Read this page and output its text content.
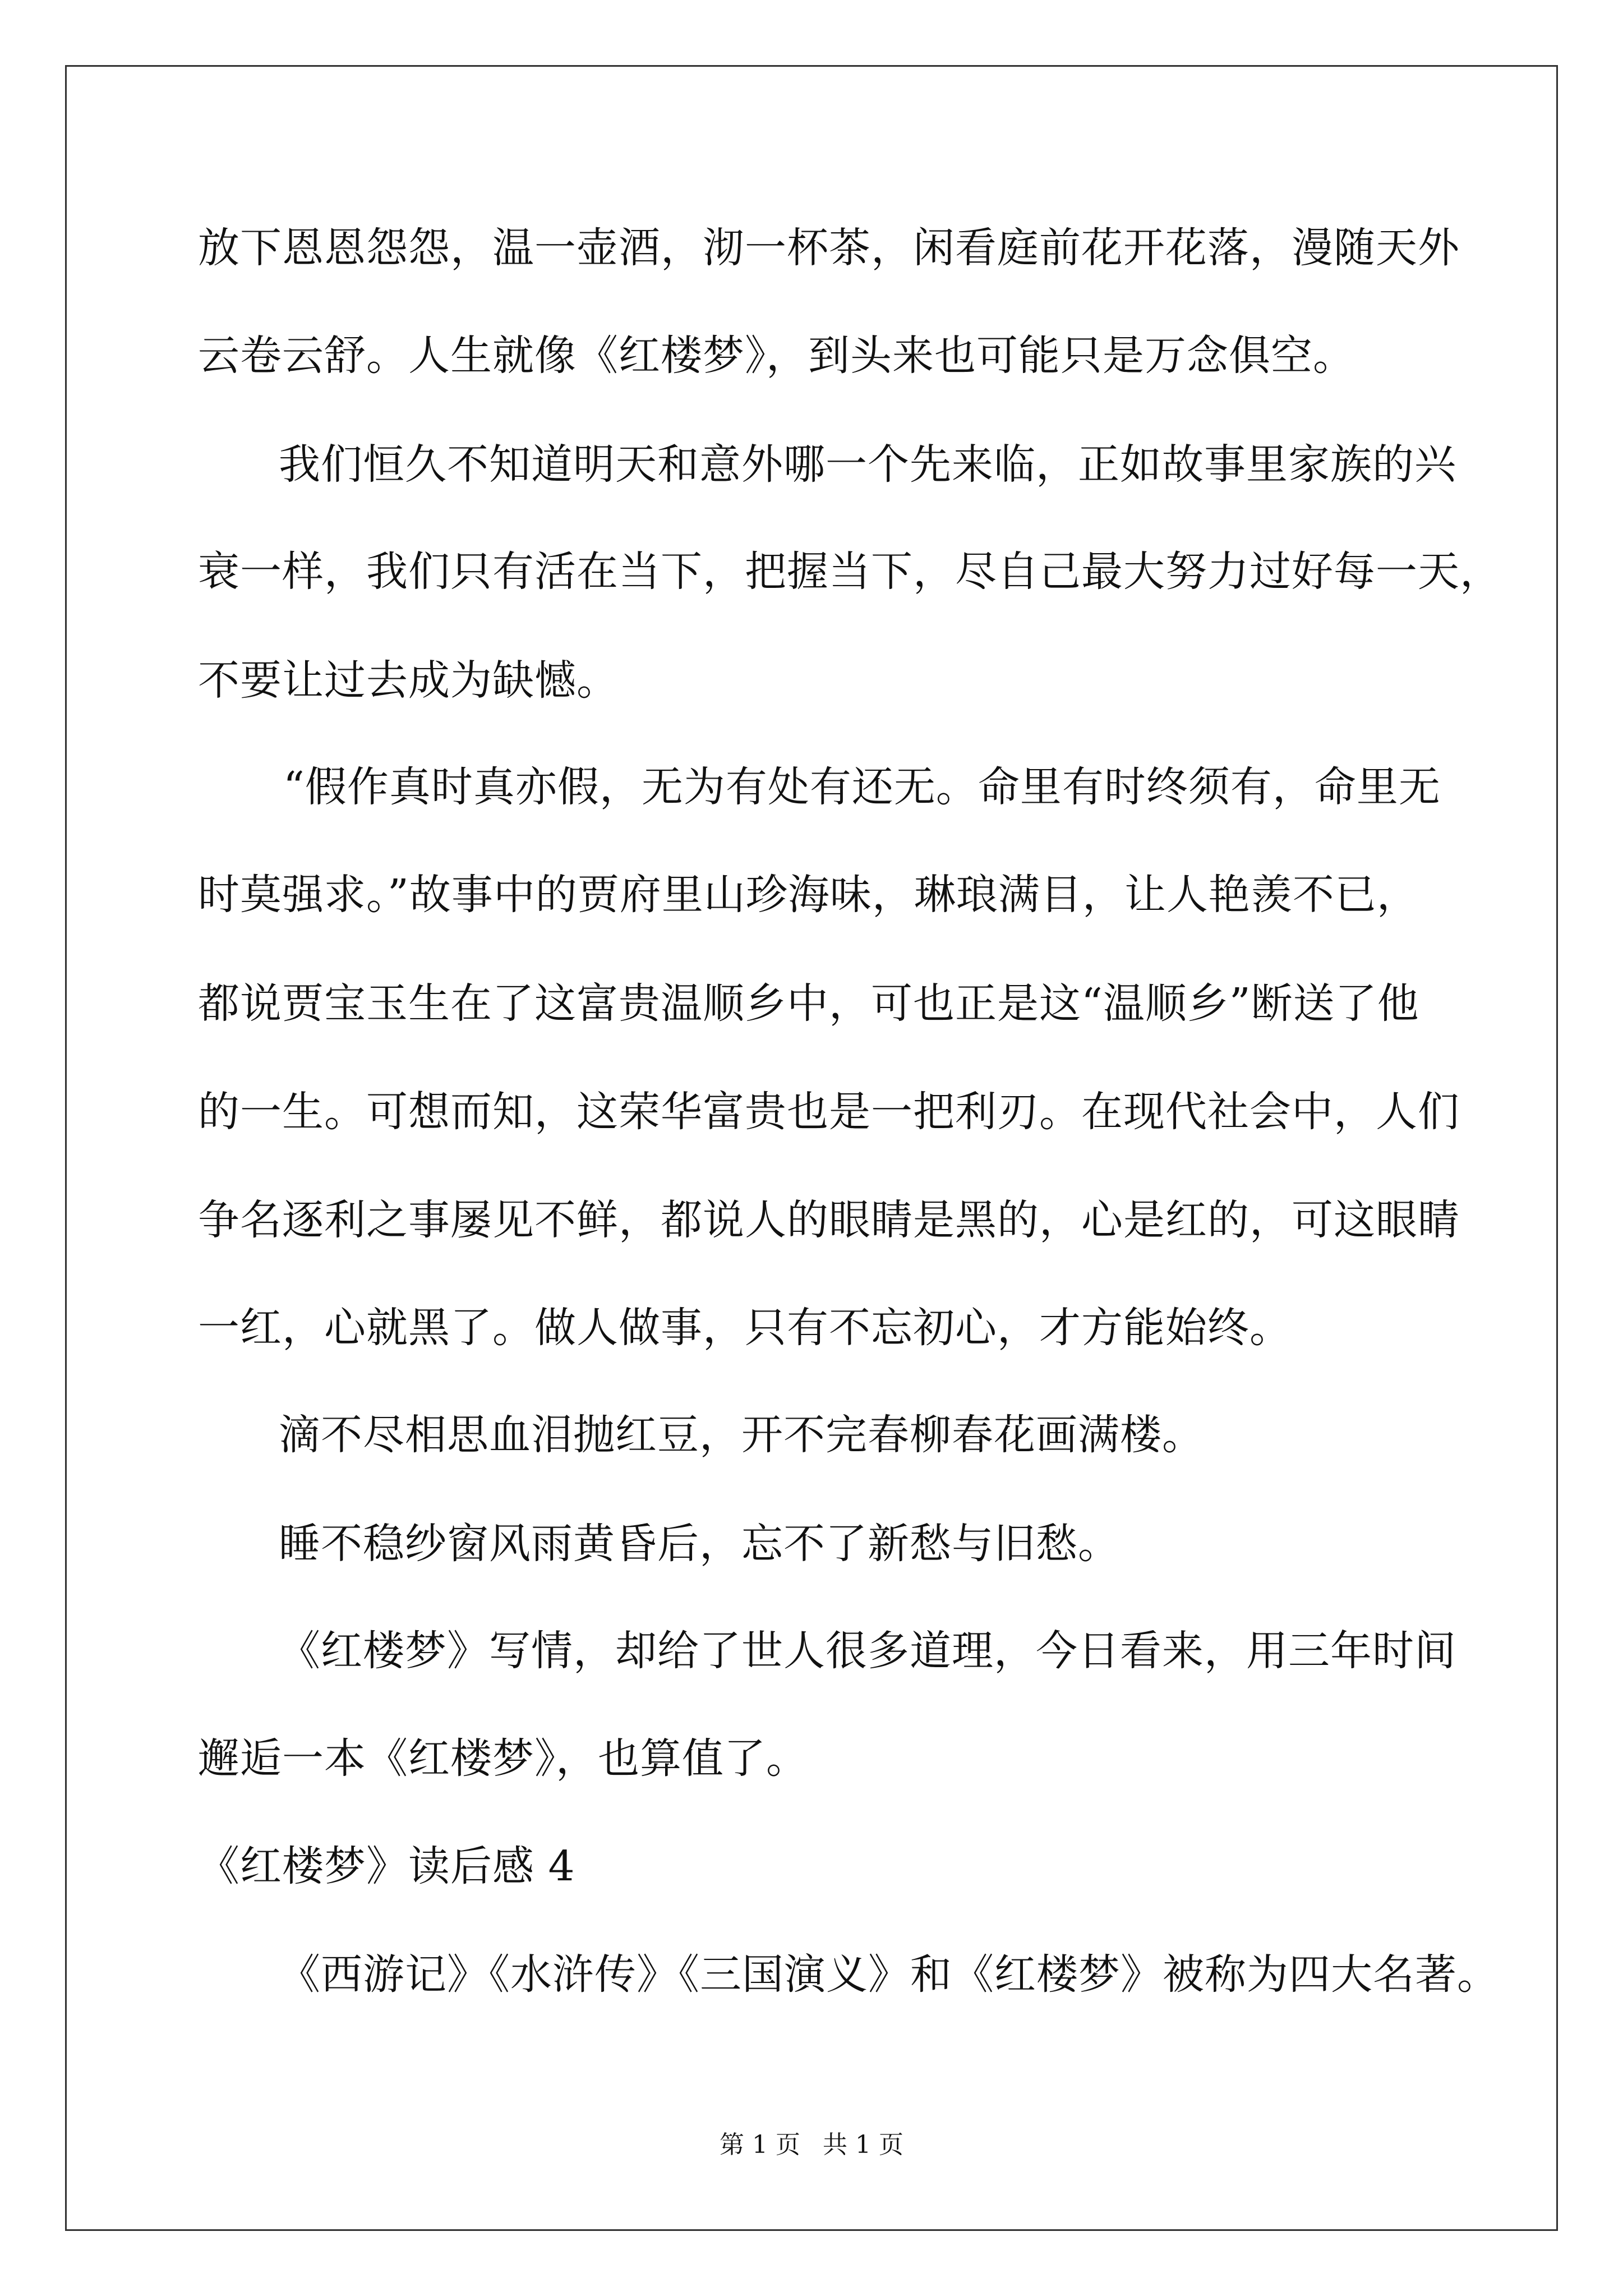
放下恩恩怨怨，温一壶酒，沏一杯茶，闲看庭前花开花落，漫随天外
云卷云舒。人生就像《红楼梦》，到头来也可能只是万念俱空。
我们恒久不知道明天和意外哪一个先来临，正如故事里家族的兴
衰一样，我们只有活在当下，把握当下，尽自己最大努力过好每一天，
不要让过去成为缺憾。
“假作真时真亦假，无为有处有还无。命里有时终须有，命里无
时莫强求。”故事中的贾府里山珍海味，琳琅满目，让人艳羡不已，
都说贾宝玉生在了这富贵温顺乡中，可也正是这“温顺乡”断送了他
的一生。可想而知，这荣华富贵也是一把利刃。在现代社会中，人们
争名逐利之事屡见不鲜，都说人的眼睛是黑的，心是红的，可这眼睛
一红，心就黑了。做人做事，只有不忘初心，才方能始终。
滴不尽相思血泪抛红豆，开不完春柳春花画满楼。
睡不稳纱窗风雨黄昏后，忘不了新愁与旧愁。
《红楼梦》写情，却给了世人很多道理，今日看来，用三年时间
邂逅一本《红楼梦》，也算值了。
《红楼梦》读后感 4
《西游记》《水浒传》《三国演义》和《红楼梦》被称为四大名著。
第 1 页 共 1 页
